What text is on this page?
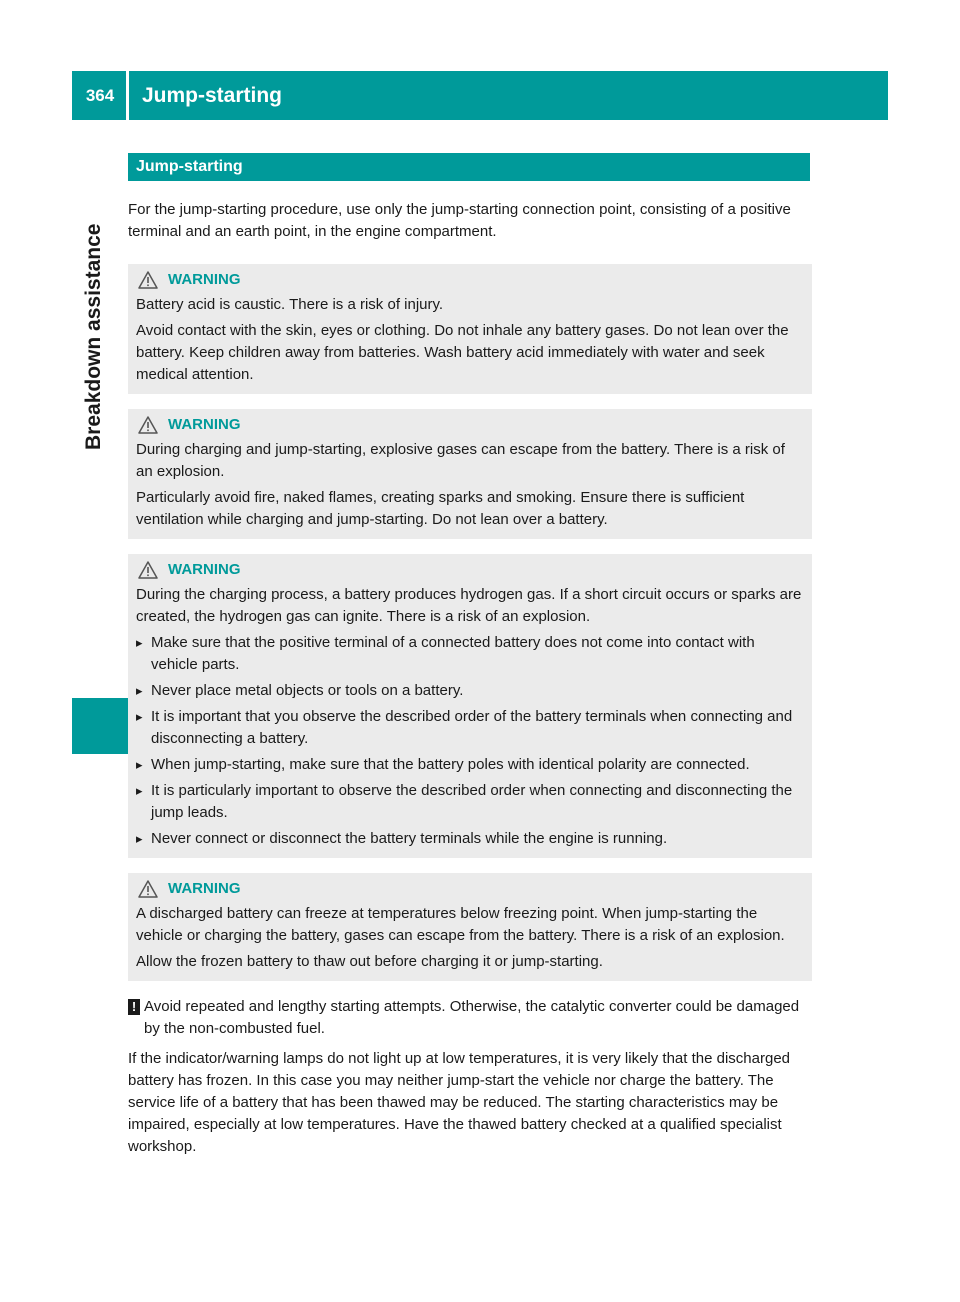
364	Jump-starting
Breakdown assistance
Jump-starting

For the jump-starting procedure, use only the jump-starting connection point, consisting of a positive terminal and an earth point, in the engine compartment.

WARNING

Battery acid is caustic. There is a risk of injury.

Avoid contact with the skin, eyes or clothing. Do not inhale any battery gases. Do not lean over the battery. Keep children away from batteries. Wash battery acid immediately with water and seek medical attention.

WARNING

During charging and jump-starting, explosive gases can escape from the battery. There is a risk of an explosion.

Particularly avoid fire, naked flames, creating sparks and smoking. Ensure there is sufficient ventilation while charging and jump-starting. Do not lean over a battery.

WARNING

During the charging process, a battery produces hydrogen gas. If a short circuit occurs or sparks are created, the hydrogen gas can ignite. There is a risk of an explosion.

▸ Make sure that the positive terminal of a connected battery does not come into contact with vehicle parts.
▸ Never place metal objects or tools on a battery.
▸ It is important that you observe the described order of the battery terminals when connecting and disconnecting a battery.
▸ When jump-starting, make sure that the battery poles with identical polarity are connected.
▸ It is particularly important to observe the described order when connecting and disconnecting the jump leads.
▸ Never connect or disconnect the battery terminals while the engine is running.
WARNING

A discharged battery can freeze at temperatures below freezing point. When jump-starting the vehicle or charging the battery, gases can escape from the battery. There is a risk of an explosion.

Allow the frozen battery to thaw out before charging it or jump-starting.

! Avoid repeated and lengthy starting attempts. Otherwise, the catalytic converter could be damaged by the non-combusted fuel.

If the indicator/warning lamps do not light up at low temperatures, it is very likely that the discharged battery has frozen. In this case you may neither jump-start the vehicle nor charge the battery. The service life of a battery that has been thawed may be reduced. The starting characteristics may be impaired, especially at low temperatures. Have the thawed battery checked at a qualified specialist workshop.
